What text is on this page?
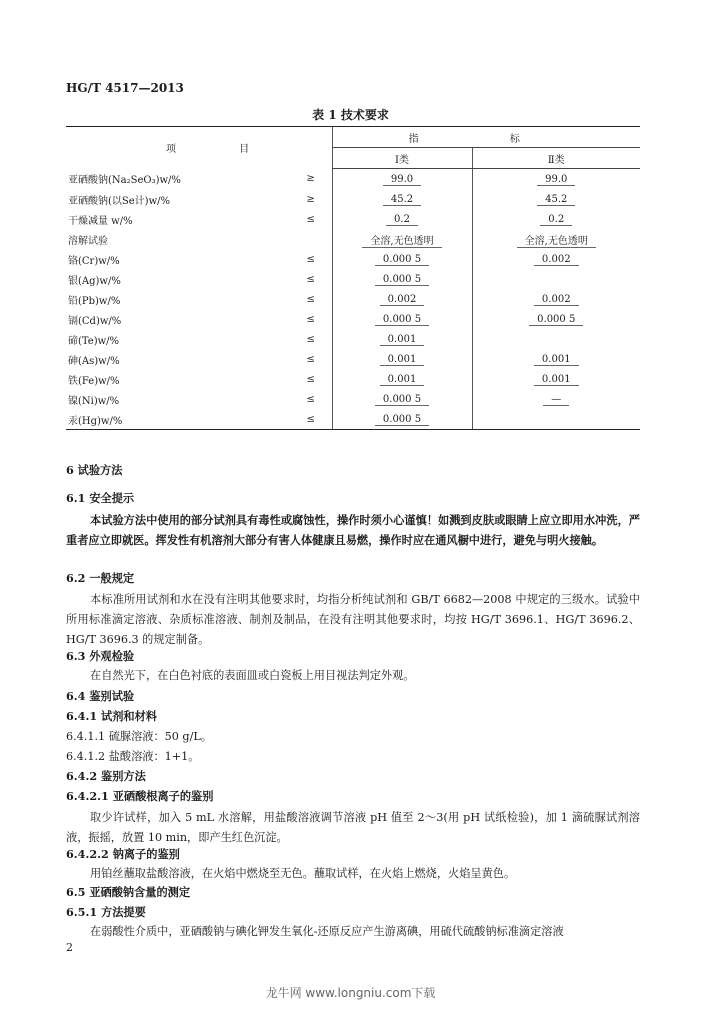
HG/T 4517—2013
表 1 技术要求
项 目		指 标	
		Ⅰ类	Ⅱ类
亚硒酸钠(Na₂SeO₃)w/%	≥	99.0	99.0
亚硒酸钠(以Se计)w/%	≥	45.2	45.2
干燥减量 w/%	≤	0.2	0.2
溶解试验		全溶,无色透明	全溶,无色透明
铬(Cr)w/%	≤	0.000 5	0.002
银(Ag)w/%	≤	0.000 5	
铅(Pb)w/%	≤	0.002	0.002
镉(Cd)w/%	≤	0.000 5	0.000 5
碲(Te)w/%	≤	0.001	
砷(As)w/%	≤	0.001	0.001
铁(Fe)w/%	≤	0.001	0.001
镍(Ni)w/%	≤	0.000 5	—
汞(Hg)w/%	≤	0.000 5	
6 试验方法
6.1 安全提示
本试验方法中使用的部分试剂具有毒性或腐蚀性，操作时须小心谨慎！如溅到皮肤或眼睛上应立即用水冲洗，严重者应立即就医。挥发性有机溶剂大部分有害人体健康且易燃，操作时应在通风橱中进行，避免与明火接触。
6.2 一般规定
本标准所用试剂和水在没有注明其他要求时，均指分析纯试剂和 GB/T 6682—2008 中规定的三级水。试验中所用标准滴定溶液、杂质标准溶液、制剂及制品，在没有注明其他要求时，均按 HG/T 3696.1、HG/T 3696.2、HG/T 3696.3 的规定制备。
6.3 外观检验
在自然光下，在白色衬底的表面皿或白瓷板上用目视法判定外观。
6.4 鉴别试验
6.4.1 试剂和材料
6.4.1.1 硫脲溶液：50 g/L。
6.4.1.2 盐酸溶液：1+1。
6.4.2 鉴别方法
6.4.2.1 亚硒酸根离子的鉴别
取少许试样，加入 5 mL 水溶解，用盐酸溶液调节溶液 pH 值至 2～3(用 pH 试纸检验)，加 1 滴硫脲试剂溶液，振摇，放置 10 min，即产生红色沉淀。
6.4.2.2 钠离子的鉴别
用铂丝蘸取盐酸溶液，在火焰中燃烧至无色。蘸取试样，在火焰上燃烧，火焰呈黄色。
6.5 亚硒酸钠含量的测定
6.5.1 方法提要
在弱酸性介质中，亚硒酸钠与碘化钾发生氧化-还原反应产生游离碘，用硫代硫酸钠标准滴定溶液
2
龙牛网 www.longniu.com下载
